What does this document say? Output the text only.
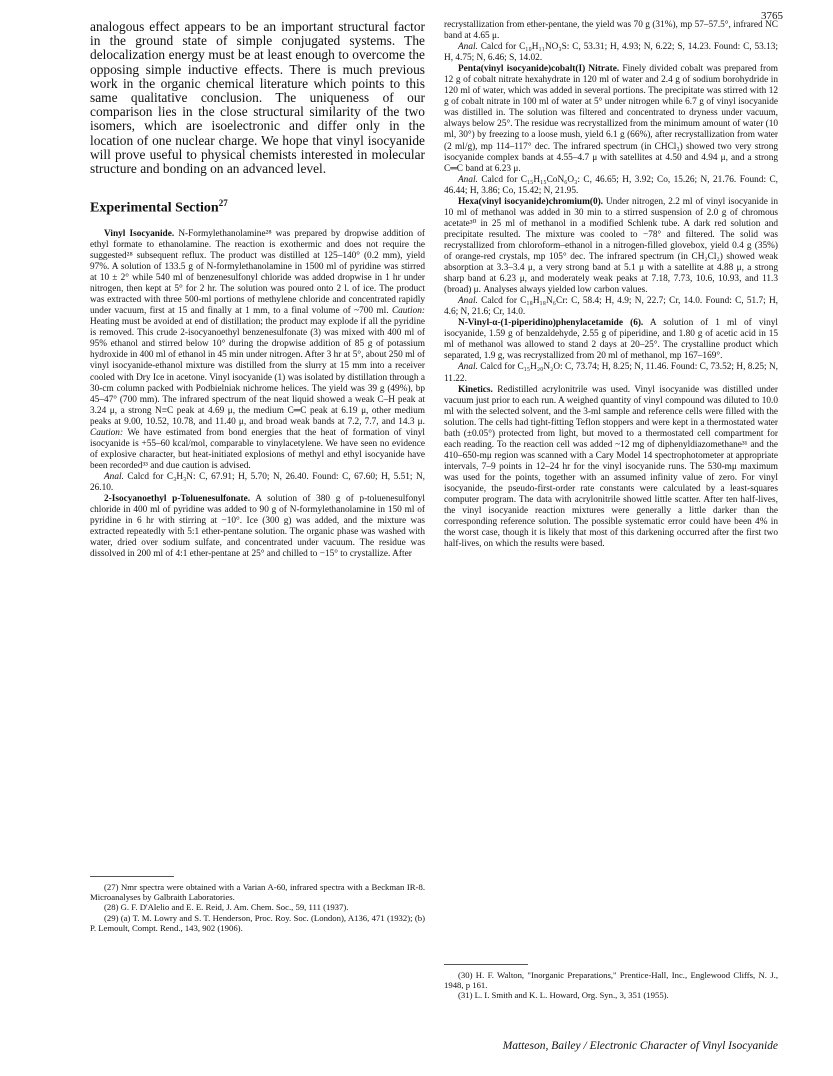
3765

analogous effect appears to be an important structural factor in the ground state of simple conjugated systems. The delocalization energy must be at least enough to overcome the opposing simple inductive effects. There is much previous work in the organic chemical literature which points to this same qualitative conclusion. The uniqueness of our comparison lies in the close structural similarity of the two isomers, which are isoelectronic and differ only in the location of one nuclear charge. We hope that vinyl isocyanide will prove useful to physical chemists interested in molecular structure and bonding on an advanced level.

Experimental Section$^{27}$

Vinyl Isocyanide. N-Formylethanolamine²⁸ was prepared by dropwise addition of ethyl formate to ethanolamine. The reaction is exothermic and does not require the suggested²⁸ subsequent reflux. The product was distilled at 125–140° (0.2 mm), yield 97%. A solution of 133.5 g of N-formylethanolamine in 1500 ml of pyridine was stirred at 10 ± 2° while 540 ml of benzenesulfonyl chloride was added dropwise in 1 hr under nitrogen, then kept at 5° for 2 hr. The solution was poured onto 2 l. of ice. The product was extracted with three 500-ml portions of methylene chloride and concentrated rapidly under vacuum, first at 15 and finally at 1 mm, to a final volume of ~700 ml. Caution: Heating must be avoided at end of distillation; the product may explode if all the pyridine is removed. This crude 2-isocyanoethyl benzenesulfonate (3) was mixed with 400 ml of 95% ethanol and stirred below 10° during the dropwise addition of 85 g of potassium hydroxide in 400 ml of ethanol in 45 min under nitrogen. After 3 hr at 5°, about 250 ml of vinyl isocyanide-ethanol mixture was distilled from the slurry at 15 mm into a receiver cooled with Dry Ice in acetone. Vinyl isocyanide (1) was isolated by distillation through a 30-cm column packed with Podbielniak nichrome helices. The yield was 39 g (49%), bp 45–47° (700 mm). The infrared spectrum of the neat liquid showed a weak C–H peak at 3.24 μ, a strong N≡C peak at 4.69 μ, the medium C═C peak at 6.19 μ, other medium peaks at 9.00, 10.52, 10.78, and 11.40 μ, and broad weak bands at 7.2, 7.7, and 14.3 μ. Caution: We have estimated from bond energies that the heat of formation of vinyl isocyanide is +55–60 kcal/mol, comparable to vinylacetylene. We have seen no evidence of explosive character, but heat-initiated explosions of methyl and ethyl isocyanide have been recorded³³ and due caution is advised.

Anal. Calcd for C₃H₃N: C, 67.91; H, 5.70; N, 26.40. Found: C, 67.60; H, 5.51; N, 26.10.

2-Isocyanoethyl p-Toluenesulfonate. A solution of 380 g of p-toluenesulfonyl chloride in 400 ml of pyridine was added to 90 g of N-formylethanolamine in 150 ml of pyridine in 6 hr with stirring at −10°. Ice (300 g) was added, and the mixture was extracted repeatedly with 5:1 ether-pentane solution. The organic phase was washed with water, dried over sodium sulfate, and concentrated under vacuum. The residue was dissolved in 200 ml of 4:1 ether-pentane at 25° and chilled to −15° to crystallize. After

(27) Nmr spectra were obtained with a Varian A-60, infrared spectra with a Beckman IR-8. Microanalyses by Galbraith Laboratories.

(28) G. F. D'Alelio and E. E. Reid, J. Am. Chem. Soc., 59, 111 (1937).

(29) (a) T. M. Lowry and S. T. Henderson, Proc. Roy. Soc. (London), A136, 471 (1932); (b) P. Lemoult, Compt. Rend., 143, 902 (1906).

recrystallization from ether-pentane, the yield was 70 g (31%), mp 57–57.5°, infrared NC band at 4.65 μ.

Anal. Calcd for C₁₀H₁₁NO₃S: C, 53.31; H, 4.93; N, 6.22; S, 14.23. Found: C, 53.13; H, 4.75; N, 6.46; S, 14.02.

Penta(vinyl isocyanide)cobalt(I) Nitrate. Finely divided cobalt was prepared from 12 g of cobalt nitrate hexahydrate in 120 ml of water and 2.4 g of sodium borohydride in 120 ml of water, which was added in several portions. The precipitate was stirred with 12 g of cobalt nitrate in 100 ml of water at 5° under nitrogen while 6.7 g of vinyl isocyanide was distilled in. The solution was filtered and concentrated to dryness under vacuum, always below 25°. The residue was recrystallized from the minimum amount of water (10 ml, 30°) by freezing to a loose mush, yield 6.1 g (66%), after recrystallization from water (2 ml/g), mp 114–117° dec. The infrared spectrum (in CHCl₃) showed two very strong isocyanide complex bands at 4.55–4.7 μ with satellites at 4.50 and 4.94 μ, and a strong C═C band at 6.23 μ.

Anal. Calcd for C₁₅H₁₅CoN₆O₃: C, 46.65; H, 3.92; Co, 15.26; N, 21.76. Found: C, 46.44; H, 3.86; Co, 15.42; N, 21.95.

Hexa(vinyl isocyanide)chromium(0). Under nitrogen, 2.2 ml of vinyl isocyanide in 10 ml of methanol was added in 30 min to a stirred suspension of 2.0 g of chromous acetate³⁰ in 25 ml of methanol in a modified Schlenk tube. A dark red solution and precipitate resulted. The mixture was cooled to −78° and filtered. The solid was recrystallized from chloroform–ethanol in a nitrogen-filled glovebox, yield 0.4 g (35%) of orange-red crystals, mp 105° dec. The infrared spectrum (in CH₂Cl₂) showed weak absorption at 3.3–3.4 μ, a very strong band at 5.1 μ with a satellite at 4.88 μ, a strong sharp band at 6.23 μ, and moderately weak peaks at 7.18, 7.73, 10.6, 10.93, and 11.3 (broad) μ. Analyses always yielded low carbon values.

Anal. Calcd for C₁₈H₁₈N₆Cr: C, 58.4; H, 4.9; N, 22.7; Cr, 14.0. Found: C, 51.7; H, 4.6; N, 21.6; Cr, 14.0.

N-Vinyl-α-(1-piperidino)phenylacetamide (6). A solution of 1 ml of vinyl isocyanide, 1.59 g of benzaldehyde, 2.55 g of piperidine, and 1.80 g of acetic acid in 15 ml of methanol was allowed to stand 2 days at 20–25°. The crystalline product which separated, 1.9 g, was recrystallized from 20 ml of methanol, mp 167–169°.

Anal. Calcd for C₁₅H₂₀N₂O: C, 73.74; H, 8.25; N, 11.46. Found: C, 73.52; H, 8.25; N, 11.22.

Kinetics. Redistilled acrylonitrile was used. Vinyl isocyanide was distilled under vacuum just prior to each run. A weighed quantity of vinyl compound was diluted to 10.0 ml with the selected solvent, and the 3-ml sample and reference cells were filled with the solution. The cells had tight-fitting Teflon stoppers and were kept in a thermostated water bath (±0.05°) protected from light, but moved to a thermostated cell compartment for each reading. To the reaction cell was added ~12 mg of diphenyldiazomethane³¹ and the 410–650-mμ region was scanned with a Cary Model 14 spectrophotometer at appropriate intervals, 7–9 points in 12–24 hr for the vinyl isocyanide runs. The 530-mμ maximum was used for the points, together with an assumed infinity value of zero. For vinyl isocyanide, the pseudo-first-order rate constants were calculated by a least-squares computer program. The data with acrylonitrile showed little scatter. After ten half-lives, the vinyl isocyanide reaction mixtures were generally a little darker than the corresponding reference solution. The possible systematic error could have been 4% in the worst case, though it is likely that most of this darkening occurred after the first two half-lives, on which the results were based.

(30) H. F. Walton, "Inorganic Preparations," Prentice-Hall, Inc., Englewood Cliffs, N. J., 1948, p 161.

(31) L. I. Smith and K. L. Howard, Org. Syn., 3, 351 (1955).

Matteson, Bailey / Electronic Character of Vinyl Isocyanide
